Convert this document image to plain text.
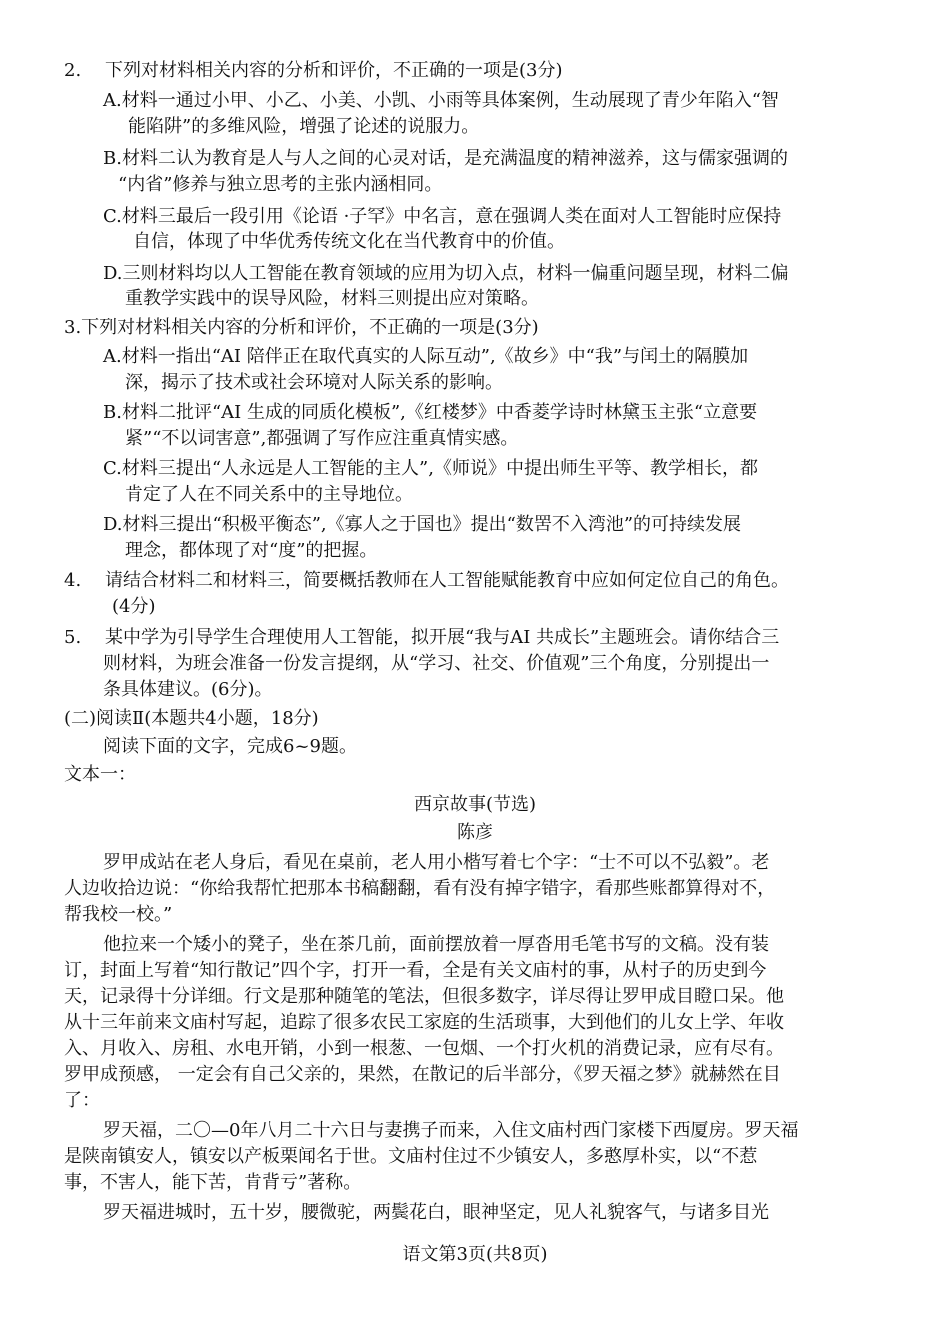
2. 下列对材料相关内容的分析和评价，不正确的一项是(3分)
A.材料一通过小甲、小乙、小美、小凯、小雨等具体案例，生动展现了青少年陷入“智
能陷阱”的多维风险，增强了论述的说服力。
B.材料二认为教育是人与人之间的心灵对话，是充满温度的精神滋养，这与儒家强调的
“内省”修养与独立思考的主张内涵相同。
C.材料三最后一段引用《论语 ·子罕》中名言，意在强调人类在面对人工智能时应保持
自信，体现了中华优秀传统文化在当代教育中的价值。
D.三则材料均以人工智能在教育领域的应用为切入点，材料一偏重问题呈现，材料二偏
重教学实践中的误导风险，材料三则提出应对策略。
3.下列对材料相关内容的分析和评价，不正确的一项是(3分)
A.材料一指出“AI 陪伴正在取代真实的人际互动”,《故乡》中“我”与闰土的隔膜加
深，揭示了技术或社会环境对人际关系的影响。
B.材料二批评“AI 生成的同质化模板”,《红楼梦》中香菱学诗时林黛玉主张“立意要
紧”“不以词害意”,都强调了写作应注重真情实感。
C.材料三提出“人永远是人工智能的主人”,《师说》中提出师生平等、教学相长，都
肯定了人在不同关系中的主导地位。
D.材料三提出“积极平衡态”,《寡人之于国也》提出“数罟不入湾池”的可持续发展
理念，都体现了对“度”的把握。
4. 请结合材料二和材料三，简要概括教师在人工智能赋能教育中应如何定位自己的角色。
(4分)
5. 某中学为引导学生合理使用人工智能，拟开展“我与AI 共成长”主题班会。请你结合三
则材料，为班会准备一份发言提纲，从“学习、社交、价值观”三个角度，分别提出一
条具体建议。(6分)。
(二)阅读Ⅱ(本题共4小题，18分)
阅读下面的文字，完成6~9题。
文本一：
西京故事(节选)
陈彦
罗甲成站在老人身后，看见在桌前，老人用小楷写着七个字：“士不可以不弘毅”。老
人边收拾边说：“你给我帮忙把那本书稿翻翻，看有没有掉字错字，看那些账都算得对不，
帮我校一校。”
他拉来一个矮小的凳子，坐在茶几前，面前摆放着一厚沓用毛笔书写的文稿。没有装
订，封面上写着“知行散记”四个字，打开一看，全是有关文庙村的事，从村子的历史到今
天，记录得十分详细。行文是那种随笔的笔法，但很多数字，详尽得让罗甲成目瞪口呆。他
从十三年前来文庙村写起，追踪了很多农民工家庭的生活琐事，大到他们的儿女上学、年收
入、月收入、房租、水电开销，小到一根葱、一包烟、一个打火机的消费记录，应有尽有。
罗甲成预感， 一定会有自己父亲的，果然，在散记的后半部分，《罗天福之梦》就赫然在目
了：
罗天福，二〇—0年八月二十六日与妻携子而来，入住文庙村西门家楼下西厦房。罗天福
是陕南镇安人，镇安以产板栗闻名于世。文庙村住过不少镇安人，多憨厚朴实，以“不惹
事，不害人，能下苦，肯背亏”著称。
罗天福进城时，五十岁，腰微驼，两鬓花白，眼神坚定，见人礼貌客气，与诸多目光
语文第3页(共8页)
